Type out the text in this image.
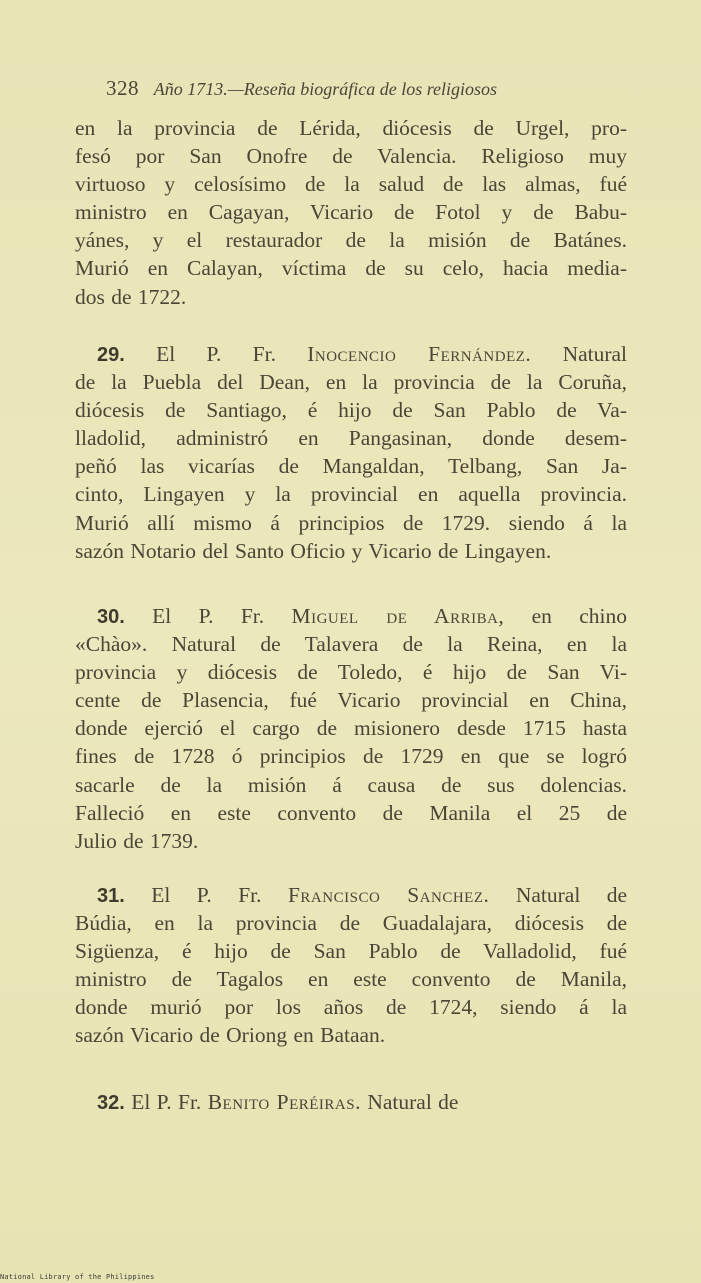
328 Año 1713.—Reseña biográfica de los religiosos
en la provincia de Lérida, diócesis de Urgel, pro-
fesó por San Onofre de Valencia. Religioso muy
virtuoso y celosísimo de la salud de las almas, fué
ministro en Cagayan, Vicario de Fotol y de Babu-
yánes, y el restaurador de la misión de Batánes.
Murió en Calayan, víctima de su celo, hacia media-
dos de 1722.
29. El P. Fr. Inocencio Fernández. Natural
de la Puebla del Dean, en la provincia de la Coruña,
diócesis de Santiago, é hijo de San Pablo de Va-
lladolid, administró en Pangasinan, donde desem-
peñó las vicarías de Mangaldan, Telbang, San Ja-
cinto, Lingayen y la provincial en aquella provincia.
Murió allí mismo á principios de 1729. siendo á la
sazón Notario del Santo Oficio y Vicario de Lingayen.
30. El P. Fr. Miguel de Arriba, en chino
«Chào». Natural de Talavera de la Reina, en la
provincia y diócesis de Toledo, é hijo de San Vi-
cente de Plasencia, fué Vicario provincial en China,
donde ejerció el cargo de misionero desde 1715 hasta
fines de 1728 ó principios de 1729 en que se logró
sacarle de la misión á causa de sus dolencias.
Falleció en este convento de Manila el 25 de
Julio de 1739.
31. El P. Fr. Francisco Sanchez. Natural de
Búdia, en la provincia de Guadalajara, diócesis de
Sigüenza, é hijo de San Pablo de Valladolid, fué
ministro de Tagalos en este convento de Manila,
donde murió por los años de 1724, siendo á la
sazón Vicario de Oriong en Bataan.
32. El P. Fr. Benito Peréiras. Natural de
National Library of the Philippines
